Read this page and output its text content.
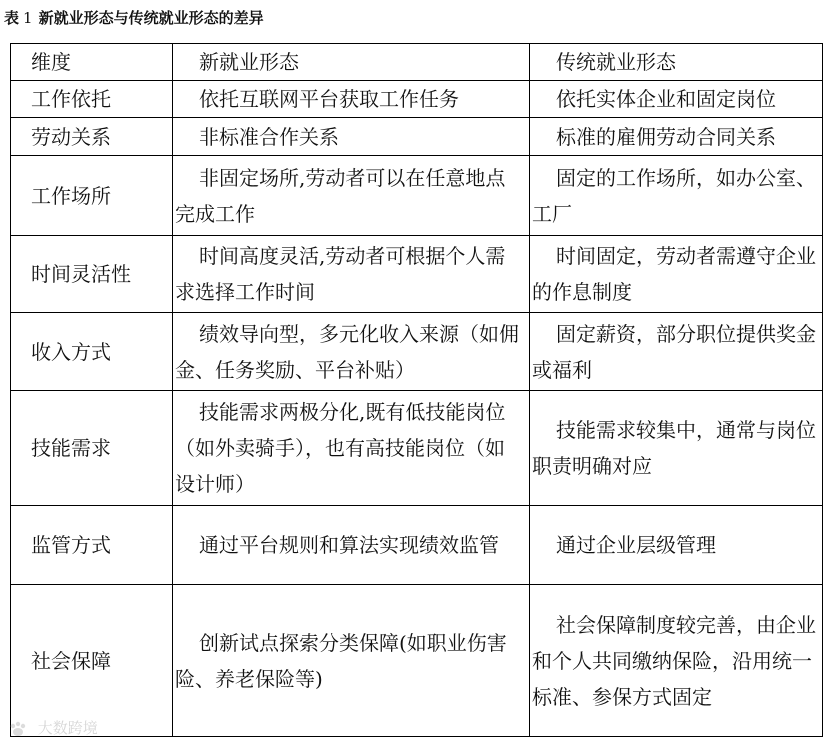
表 1 新就业形态与传统就业形态的差异
维度	新就业形态	传统就业形态
工作依托	依托互联网平台获取工作任务	依托实体企业和固定岗位

劳动关系	非标准合作关系	标准的雇佣劳动合同关系

工作场所	非固定场所,劳动者可以在任意地点完成工作	固定的工作场所，如办公室、工厂

时间灵活性	时间高度灵活,劳动者可根据个人需求选择工作时间	时间固定，劳动者需遵守企业的作息制度

收入方式	绩效导向型，多元化收入来源（如佣金、任务奖励、平台补贴）	固定薪资，部分职位提供奖金或福利

技能需求	技能需求两极分化,既有低技能岗位（如外卖骑手），也有高技能岗位（如设计师）	技能需求较集中，通常与岗位职责明确对应

监管方式	通过平台规则和算法实现绩效监管	通过企业层级管理

社会保障	创新试点探索分类保障(如职业伤害险、养老保险等)	社会保障制度较完善，由企业和个人共同缴纳保险，沿用统一标准、参保方式固定
大数跨境
